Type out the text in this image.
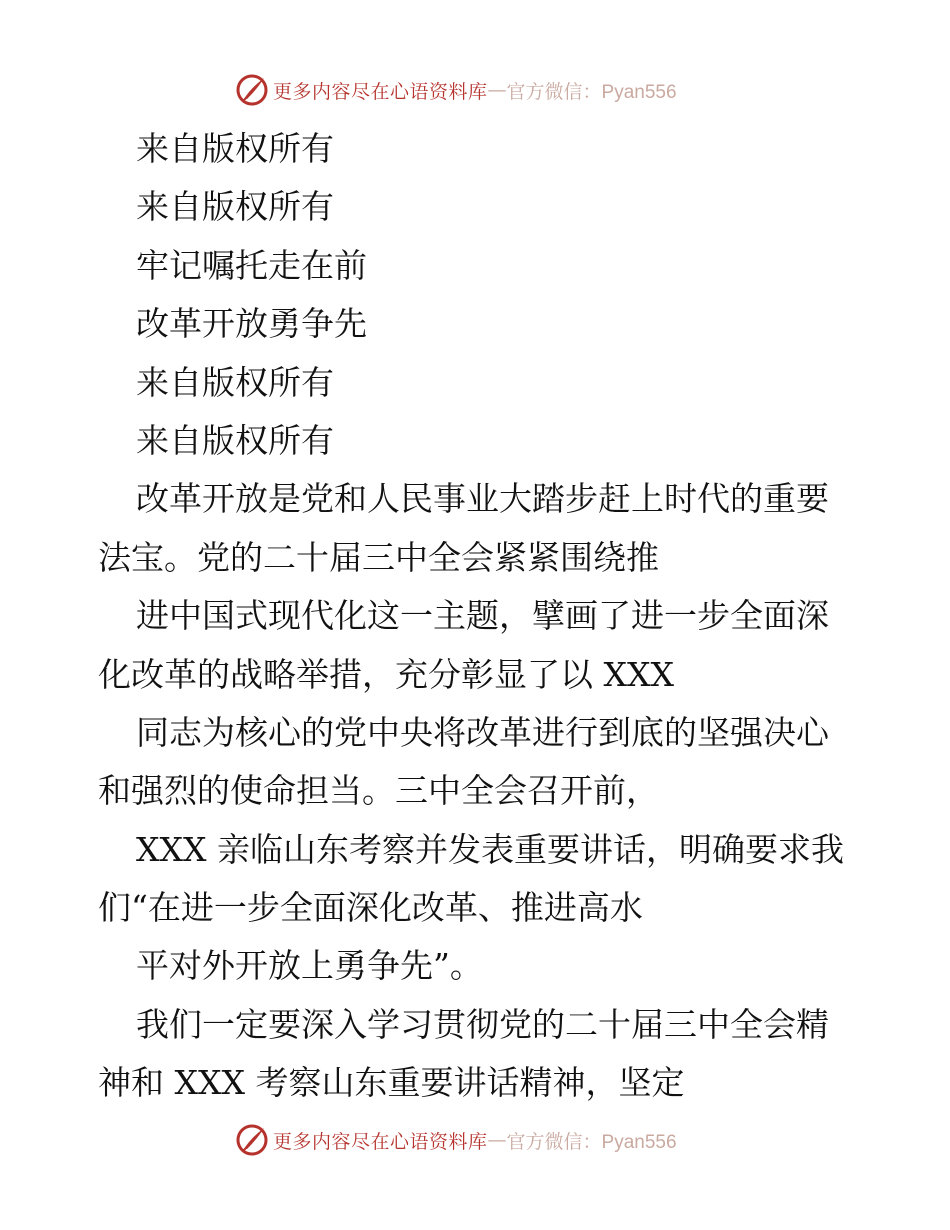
更多内容尽在心语资料库 — 官方微信：Pyan556
来自版权所有
来自版权所有
牢记嘱托走在前
改革开放勇争先
来自版权所有
来自版权所有
改革开放是党和人民事业大踏步赶上时代的重要
法宝。党的二十届三中全会紧紧围绕推
进中国式现代化这一主题，擘画了进一步全面深
化改革的战略举措，充分彰显了以 XXX
同志为核心的党中央将改革进行到底的坚强决心
和强烈的使命担当。三中全会召开前，
XXX 亲临山东考察并发表重要讲话，明确要求我
们“在进一步全面深化改革、推进高水
平对外开放上勇争先”。
我们一定要深入学习贯彻党的二十届三中全会精
神和 XXX 考察山东重要讲话精神，坚定
更多内容尽在心语资料库 — 官方微信：Pyan556
